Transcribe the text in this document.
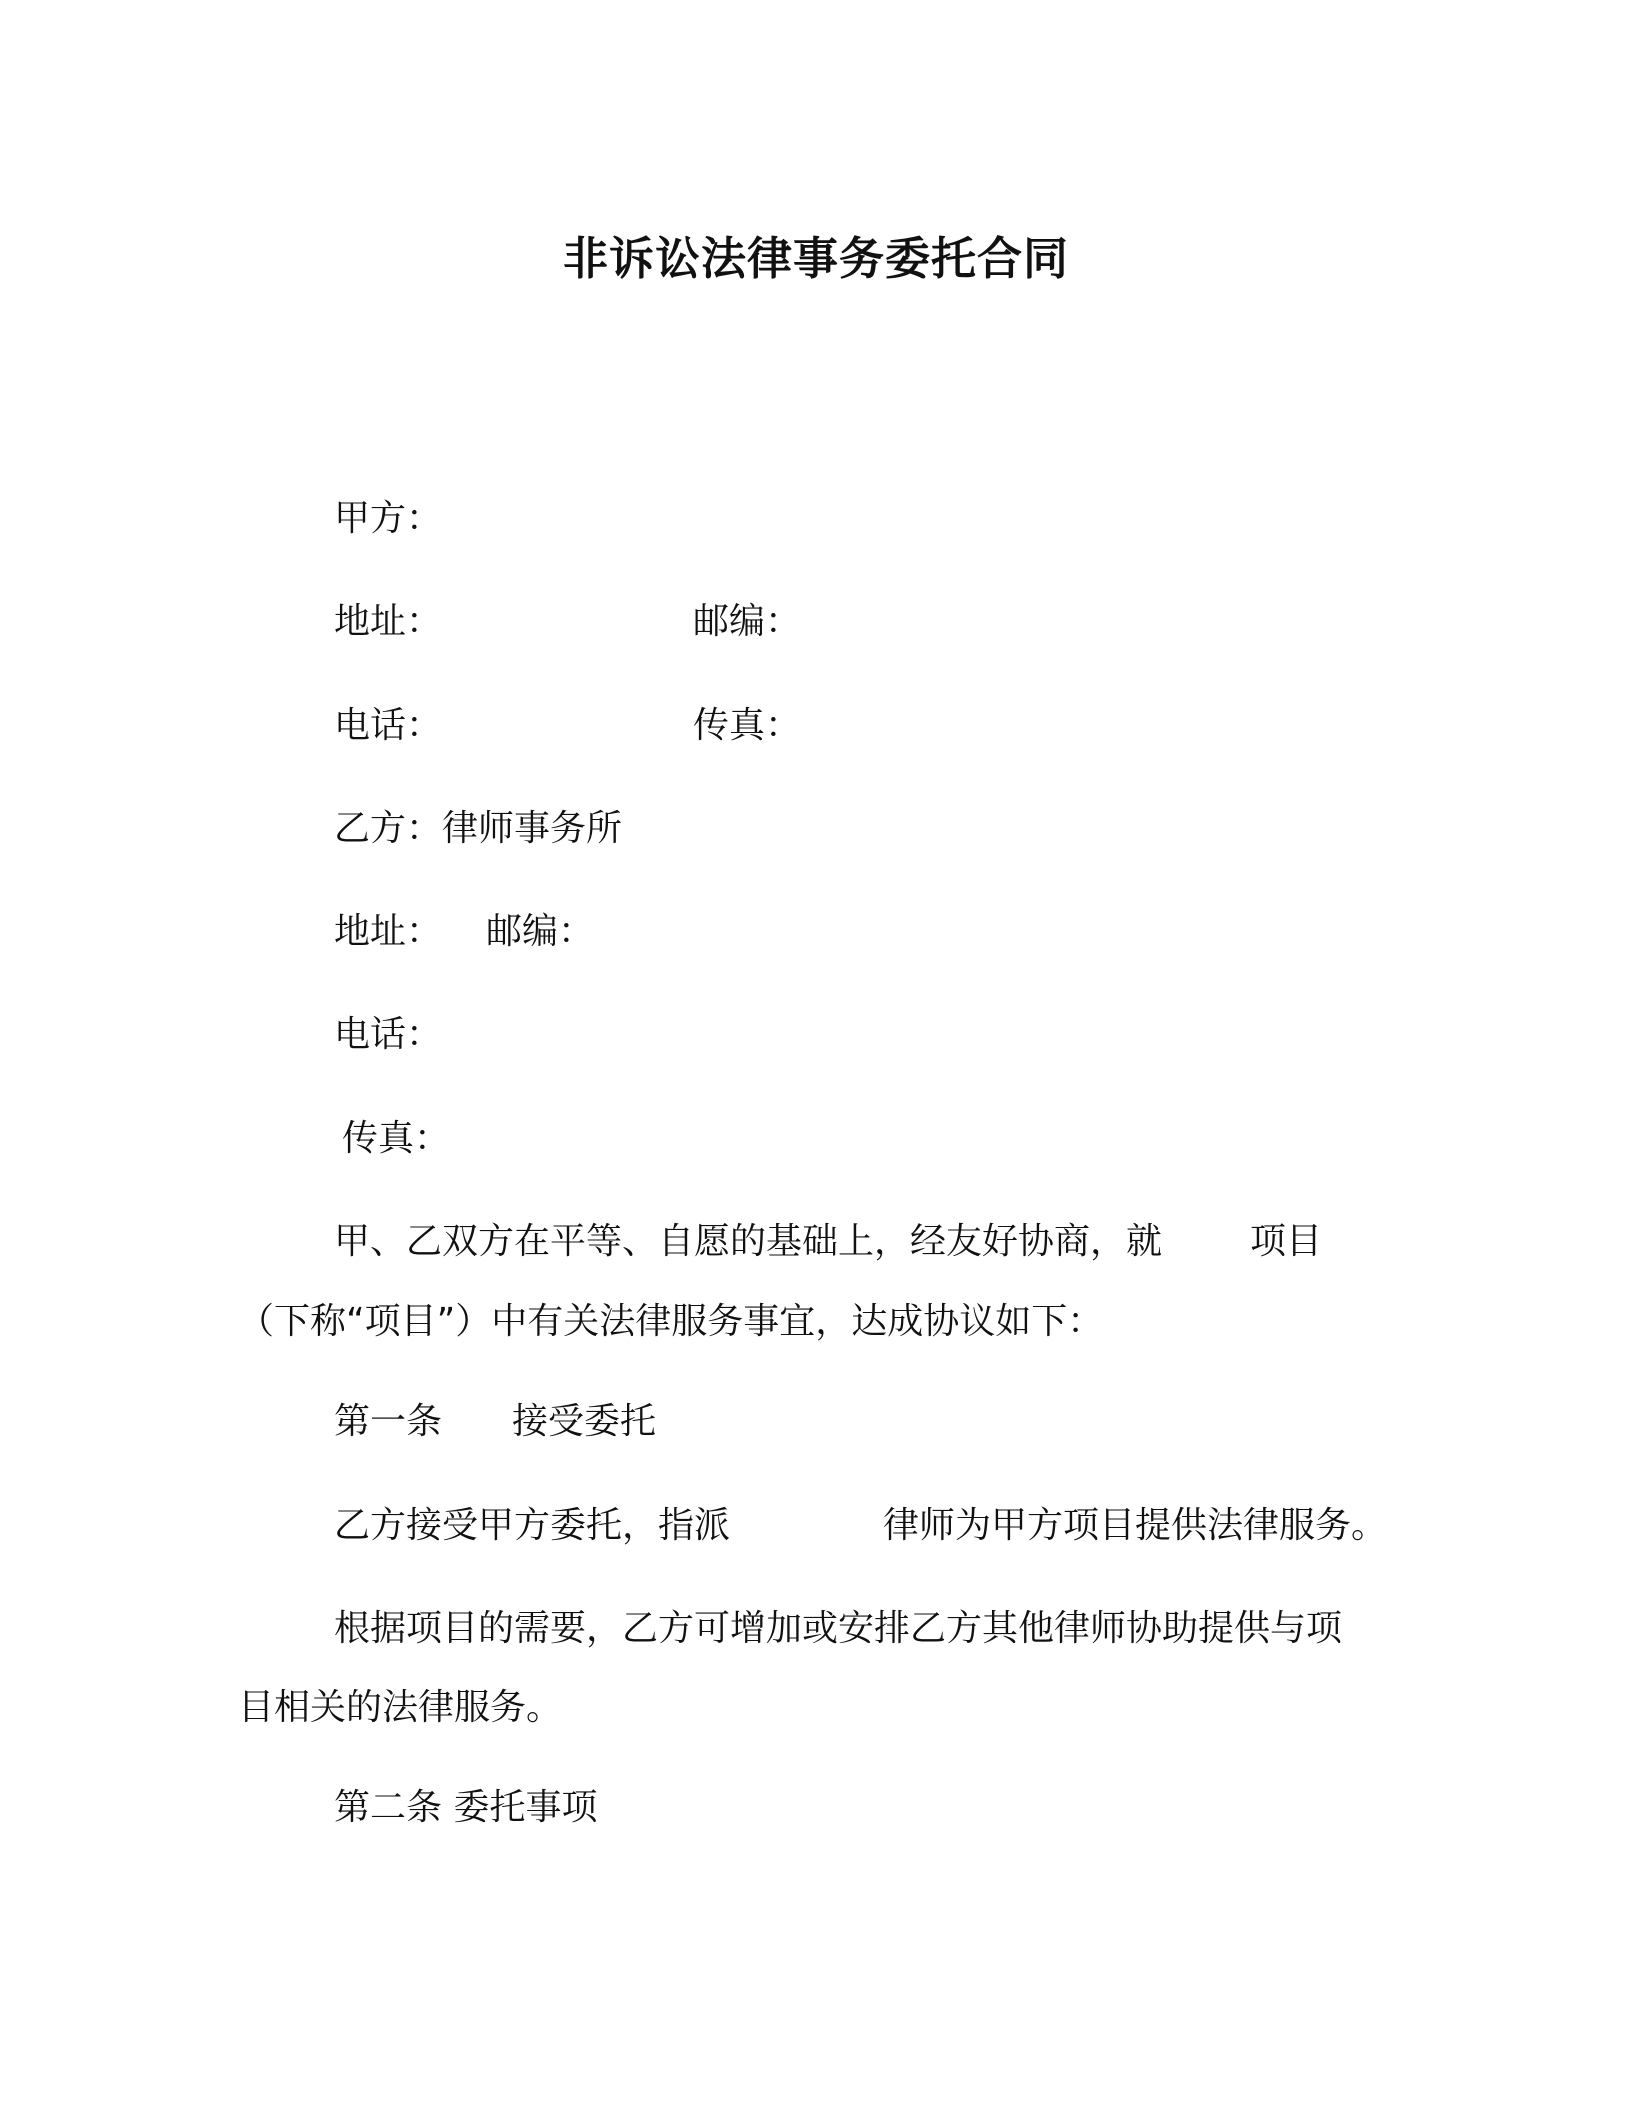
非诉讼法律事务委托合同
甲方：
地址：	邮编：
电话：	传真：
乙方：律师事务所
地址： 邮编：
电话：
传真：
甲、乙双方在平等、自愿的基础上，经友好协商，就 项目
（下称“项目”）中有关法律服务事宜，达成协议如下：
第一条 接受委托
乙方接受甲方委托，指派	律师为甲方项目提供法律服务。
根据项目的需要，乙方可增加或安排乙方其他律师协助提供与项
目相关的法律服务。
第二条 委托事项
